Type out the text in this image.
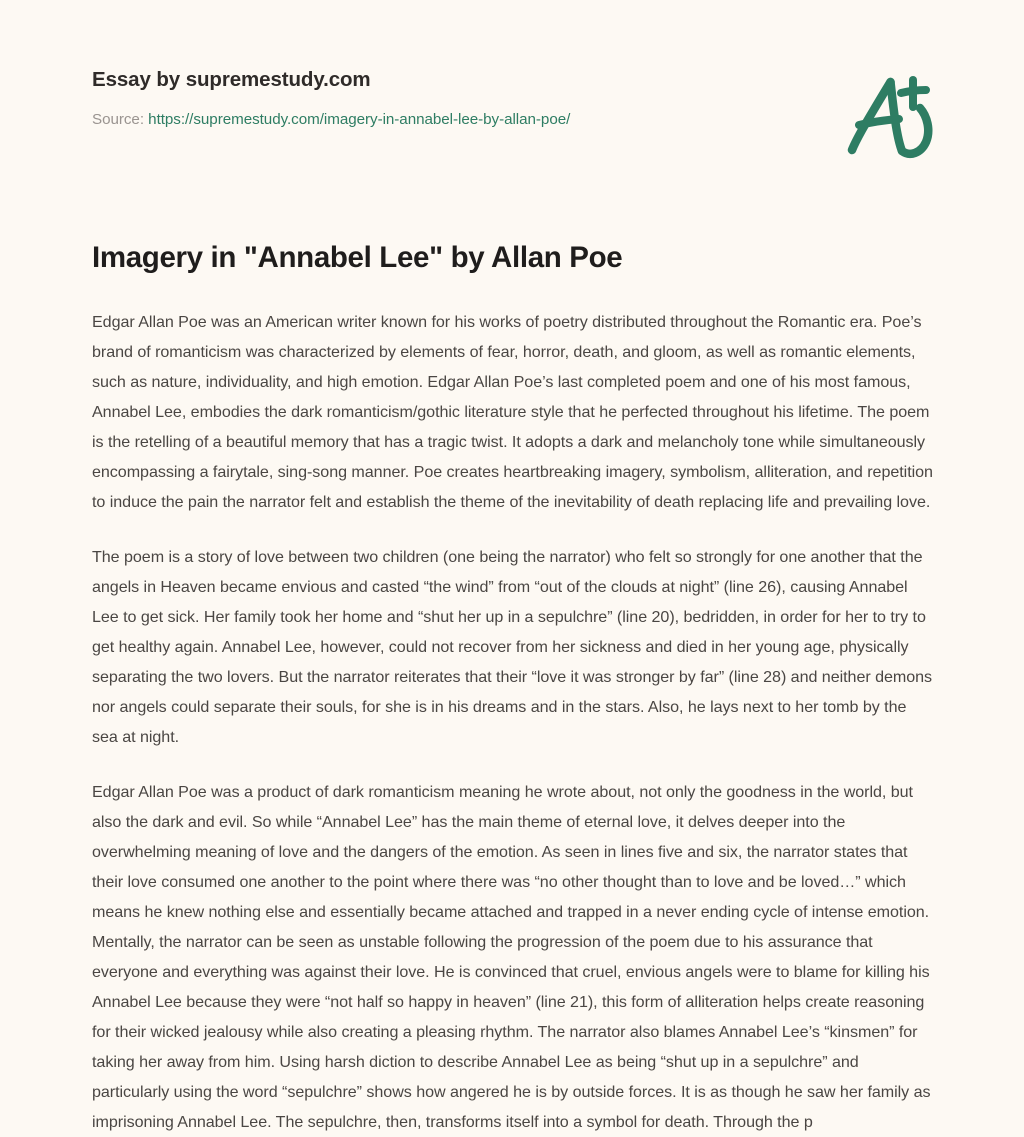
Essay by supremestudy.com
Source: https://supremestudy.com/imagery-in-annabel-lee-by-allan-poe/
Imagery in "Annabel Lee" by Allan Poe

Edgar Allan Poe was an American writer known for his works of poetry distributed throughout the Romantic era. Poe’s brand of romanticism was characterized by elements of fear, horror, death, and gloom, as well as romantic elements, such as nature, individuality, and high emotion. Edgar Allan Poe’s last completed poem and one of his most famous, Annabel Lee, embodies the dark romanticism/gothic literature style that he perfected throughout his lifetime. The poem is the retelling of a beautiful memory that has a tragic twist. It adopts a dark and melancholy tone while simultaneously encompassing a fairytale, sing-song manner. Poe creates heartbreaking imagery, symbolism, alliteration, and repetition to induce the pain the narrator felt and establish the theme of the inevitability of death replacing life and prevailing love.

The poem is a story of love between two children (one being the narrator) who felt so strongly for one another that the angels in Heaven became envious and casted “the wind” from “out of the clouds at night” (line 26), causing Annabel Lee to get sick. Her family took her home and “shut her up in a sepulchre” (line 20), bedridden, in order for her to try to get healthy again. Annabel Lee, however, could not recover from her sickness and died in her young age, physically separating the two lovers. But the narrator reiterates that their “love it was stronger by far” (line 28) and neither demons nor angels could separate their souls, for she is in his dreams and in the stars. Also, he lays next to her tomb by the sea at night.

Edgar Allan Poe was a product of dark romanticism meaning he wrote about, not only the goodness in the world, but also the dark and evil. So while “Annabel Lee” has the main theme of eternal love, it delves deeper into the overwhelming meaning of love and the dangers of the emotion. As seen in lines five and six, the narrator states that their love consumed one another to the point where there was “no other thought than to love and be loved…” which means he knew nothing else and essentially became attached and trapped in a never ending cycle of intense emotion. Mentally, the narrator can be seen as unstable following the progression of the poem due to his assurance that everyone and everything was against their love. He is convinced that cruel, envious angels were to blame for killing his Annabel Lee because they were “not half so happy in heaven” (line 21), this form of alliteration helps create reasoning for their wicked jealousy while also creating a pleasing rhythm. The narrator also blames Annabel Lee’s “kinsmen” for taking her away from him. Using harsh diction to describe Annabel Lee as being “shut up in a sepulchre” and particularly using the word “sepulchre” shows how angered he is by outside forces. It is as though he saw her family as imprisoning Annabel Lee. The sepulchre, then, transforms itself into a symbol for death. Through the p
